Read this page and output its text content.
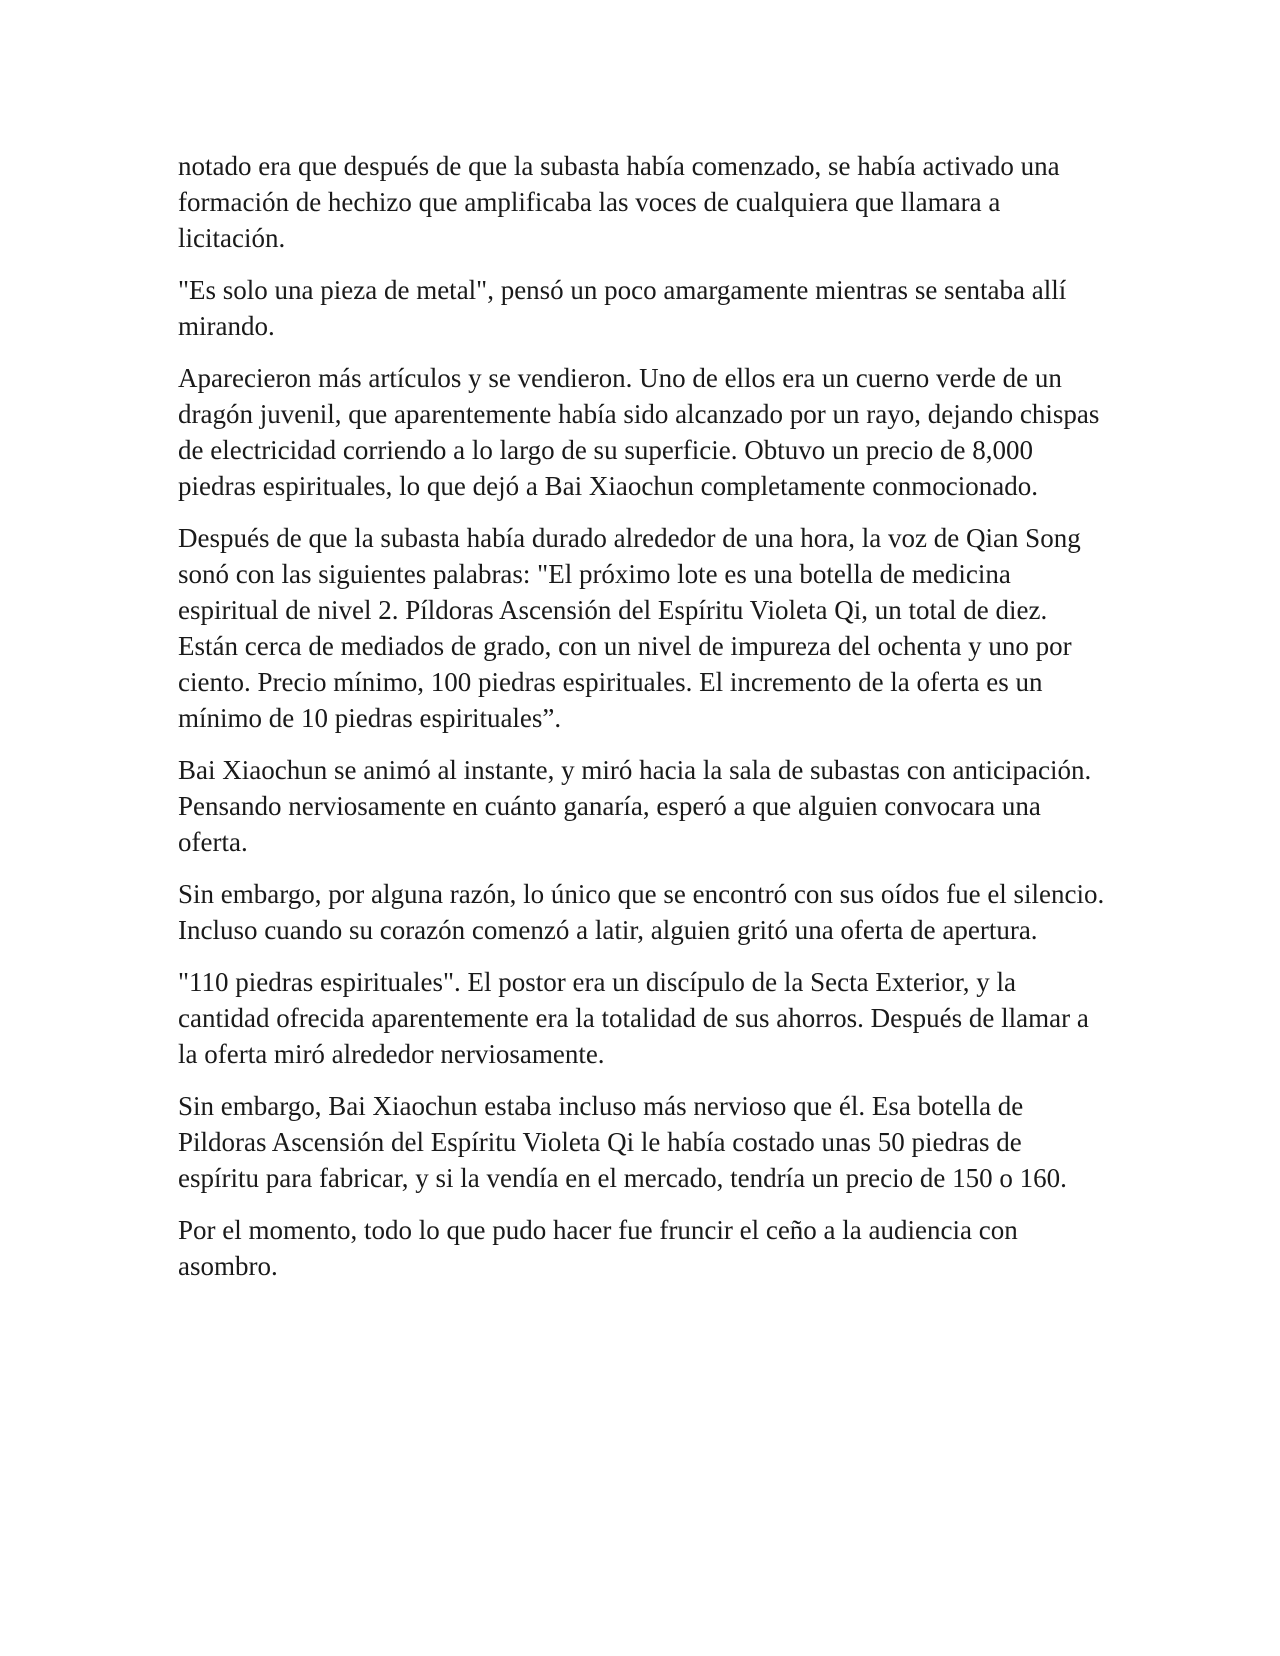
notado era que después de que la subasta había comenzado, se había activado una formación de hechizo que amplificaba las voces de cualquiera que llamara a licitación.

"Es solo una pieza de metal", pensó un poco amargamente mientras se sentaba allí mirando.

Aparecieron más artículos y se vendieron. Uno de ellos era un cuerno verde de un dragón juvenil, que aparentemente había sido alcanzado por un rayo, dejando chispas de electricidad corriendo a lo largo de su superficie. Obtuvo un precio de 8,000 piedras espirituales, lo que dejó a Bai Xiaochun completamente conmocionado.

Después de que la subasta había durado alrededor de una hora, la voz de Qian Song sonó con las siguientes palabras: "El próximo lote es una botella de medicina espiritual de nivel 2. Píldoras Ascensión del Espíritu Violeta Qi, un total de diez. Están cerca de mediados de grado, con un nivel de impureza del ochenta y uno por ciento. Precio mínimo, 100 piedras espirituales. El incremento de la oferta es un mínimo de 10 piedras espirituales”.

Bai Xiaochun se animó al instante, y miró hacia la sala de subastas con anticipación. Pensando nerviosamente en cuánto ganaría, esperó a que alguien convocara una oferta.

Sin embargo, por alguna razón, lo único que se encontró con sus oídos fue el silencio. Incluso cuando su corazón comenzó a latir, alguien gritó una oferta de apertura.

"110 piedras espirituales". El postor era un discípulo de la Secta Exterior, y la cantidad ofrecida aparentemente era la totalidad de sus ahorros. Después de llamar a la oferta miró alrededor nerviosamente.

Sin embargo, Bai Xiaochun estaba incluso más nervioso que él. Esa botella de Pildoras Ascensión del Espíritu Violeta Qi le había costado unas 50 piedras de espíritu para fabricar, y si la vendía en el mercado, tendría un precio de 150 o 160.

Por el momento, todo lo que pudo hacer fue fruncir el ceño a la audiencia con asombro.
